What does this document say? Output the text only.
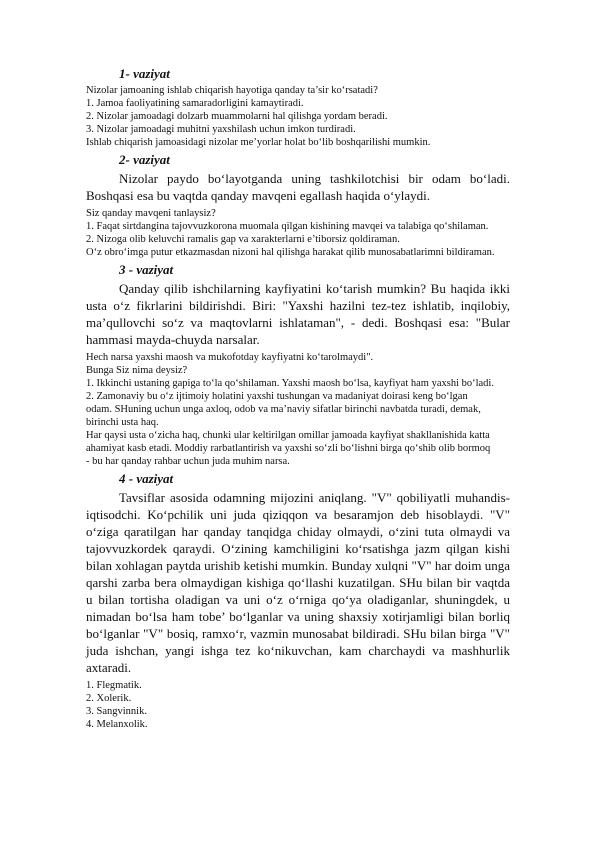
1- vaziyat
Nizolar jamoaning ishlab chiqarish hayotiga qanday ta’sir ko‘rsatadi?
1. Jamoa faoliyatining samaradorligini kamaytiradi.
2. Nizolar jamoadagi dolzarb muammolarni hal qilishga yordam beradi.
3. Nizolar jamoadagi muhitni yaxshilash uchun imkon turdiradi.
Ishlab chiqarish jamoasidagi nizolar me’yorlar holat bo‘lib boshqarilishi mumkin.
2- vaziyat

Nizolar paydo bo‘layotganda uning tashkilotchisi bir odam bo‘ladi. Boshqasi esa bu vaqtda qanday mavqeni egallash haqida o‘ylaydi.

Siz qanday mavqeni tanlaysiz?
1. Faqat sirtdangina tajovvuzkorona muomala qilgan kishining mavqei va talabiga qo‘shilaman.
2. Nizoga olib keluvchi ramalis gap va xarakterlarni e’tiborsiz qoldiraman.
O‘z obro‘imga putur etkazmasdan nizoni hal qilishga harakat qilib munosabatlarimni bildiraman.
3 - vaziyat

Qanday qilib ishchilarning kayfiyatini ko‘tarish mumkin? Bu haqida ikki usta o‘z fikrlarini bildirishdi. Biri: "Yaxshi hazilni tez-tez ishlatib, inqilobiy, ma’qullovchi so‘z va maqtovlarni ishlataman", - dedi. Boshqasi esa: "Bular hammasi mayda-chuyda narsalar.

Hech narsa yaxshi maosh va mukofotday kayfiyatni ko‘tarolmaydi".
Bunga Siz nima deysiz?
1. Ikkinchi ustaning gapiga to‘la qo‘shilaman. Yaxshi maosh bo‘lsa, kayfiyat ham yaxshi bo‘ladi.
2. Zamonaviy bu o‘z ijtimoiy holatini yaxshi tushungan va madaniyat doirasi keng bo‘lgan
odam. SHuning uchun unga axloq, odob va ma’naviy sifatlar birinchi navbatda turadi, demak,
birinchi usta haq.
Har qaysi usta o‘zicha haq, chunki ular keltirilgan omillar jamoada kayfiyat shakllanishida katta
ahamiyat kasb etadi. Moddiy rarbatlantirish va yaxshi so‘zli bo‘lishni birga qo‘shib olib bormoq
- bu har qanday rahbar uchun juda muhim narsa.
4 - vaziyat

Tavsiflar asosida odamning mijozini aniqlang. "V" qobiliyatli muhandis-iqtisodchi. Ko‘pchilik uni juda qiziqqon va besaramjon deb hisoblaydi. "V" o‘ziga qaratilgan har qanday tanqidga chiday olmaydi, o‘zini tuta olmaydi va tajovvuzkordek qaraydi. O‘zining kamchiligini ko‘rsatishga jazm qilgan kishi bilan xohlagan paytda urishib ketishi mumkin. Bunday xulqni "V" har doim unga qarshi zarba bera olmaydigan kishiga qo‘llashi kuzatilgan. SHu bilan bir vaqtda u bilan tortisha oladigan va uni o‘z o‘rniga qo‘ya oladiganlar, shuningdek, u nimadan bo‘lsa ham tobe’ bo‘lganlar va uning shaxsiy xotirjamligi bilan borliq bo‘lganlar "V" bosiq, ramxo‘r, vazmin munosabat bildiradi. SHu bilan birga "V" juda ishchan, yangi ishga tez ko‘nikuvchan, kam charchaydi va mashhurlik axtaradi.

1. Flegmatik.
2. Xolerik.
3. Sangvinnik.
4. Melanxolik.
